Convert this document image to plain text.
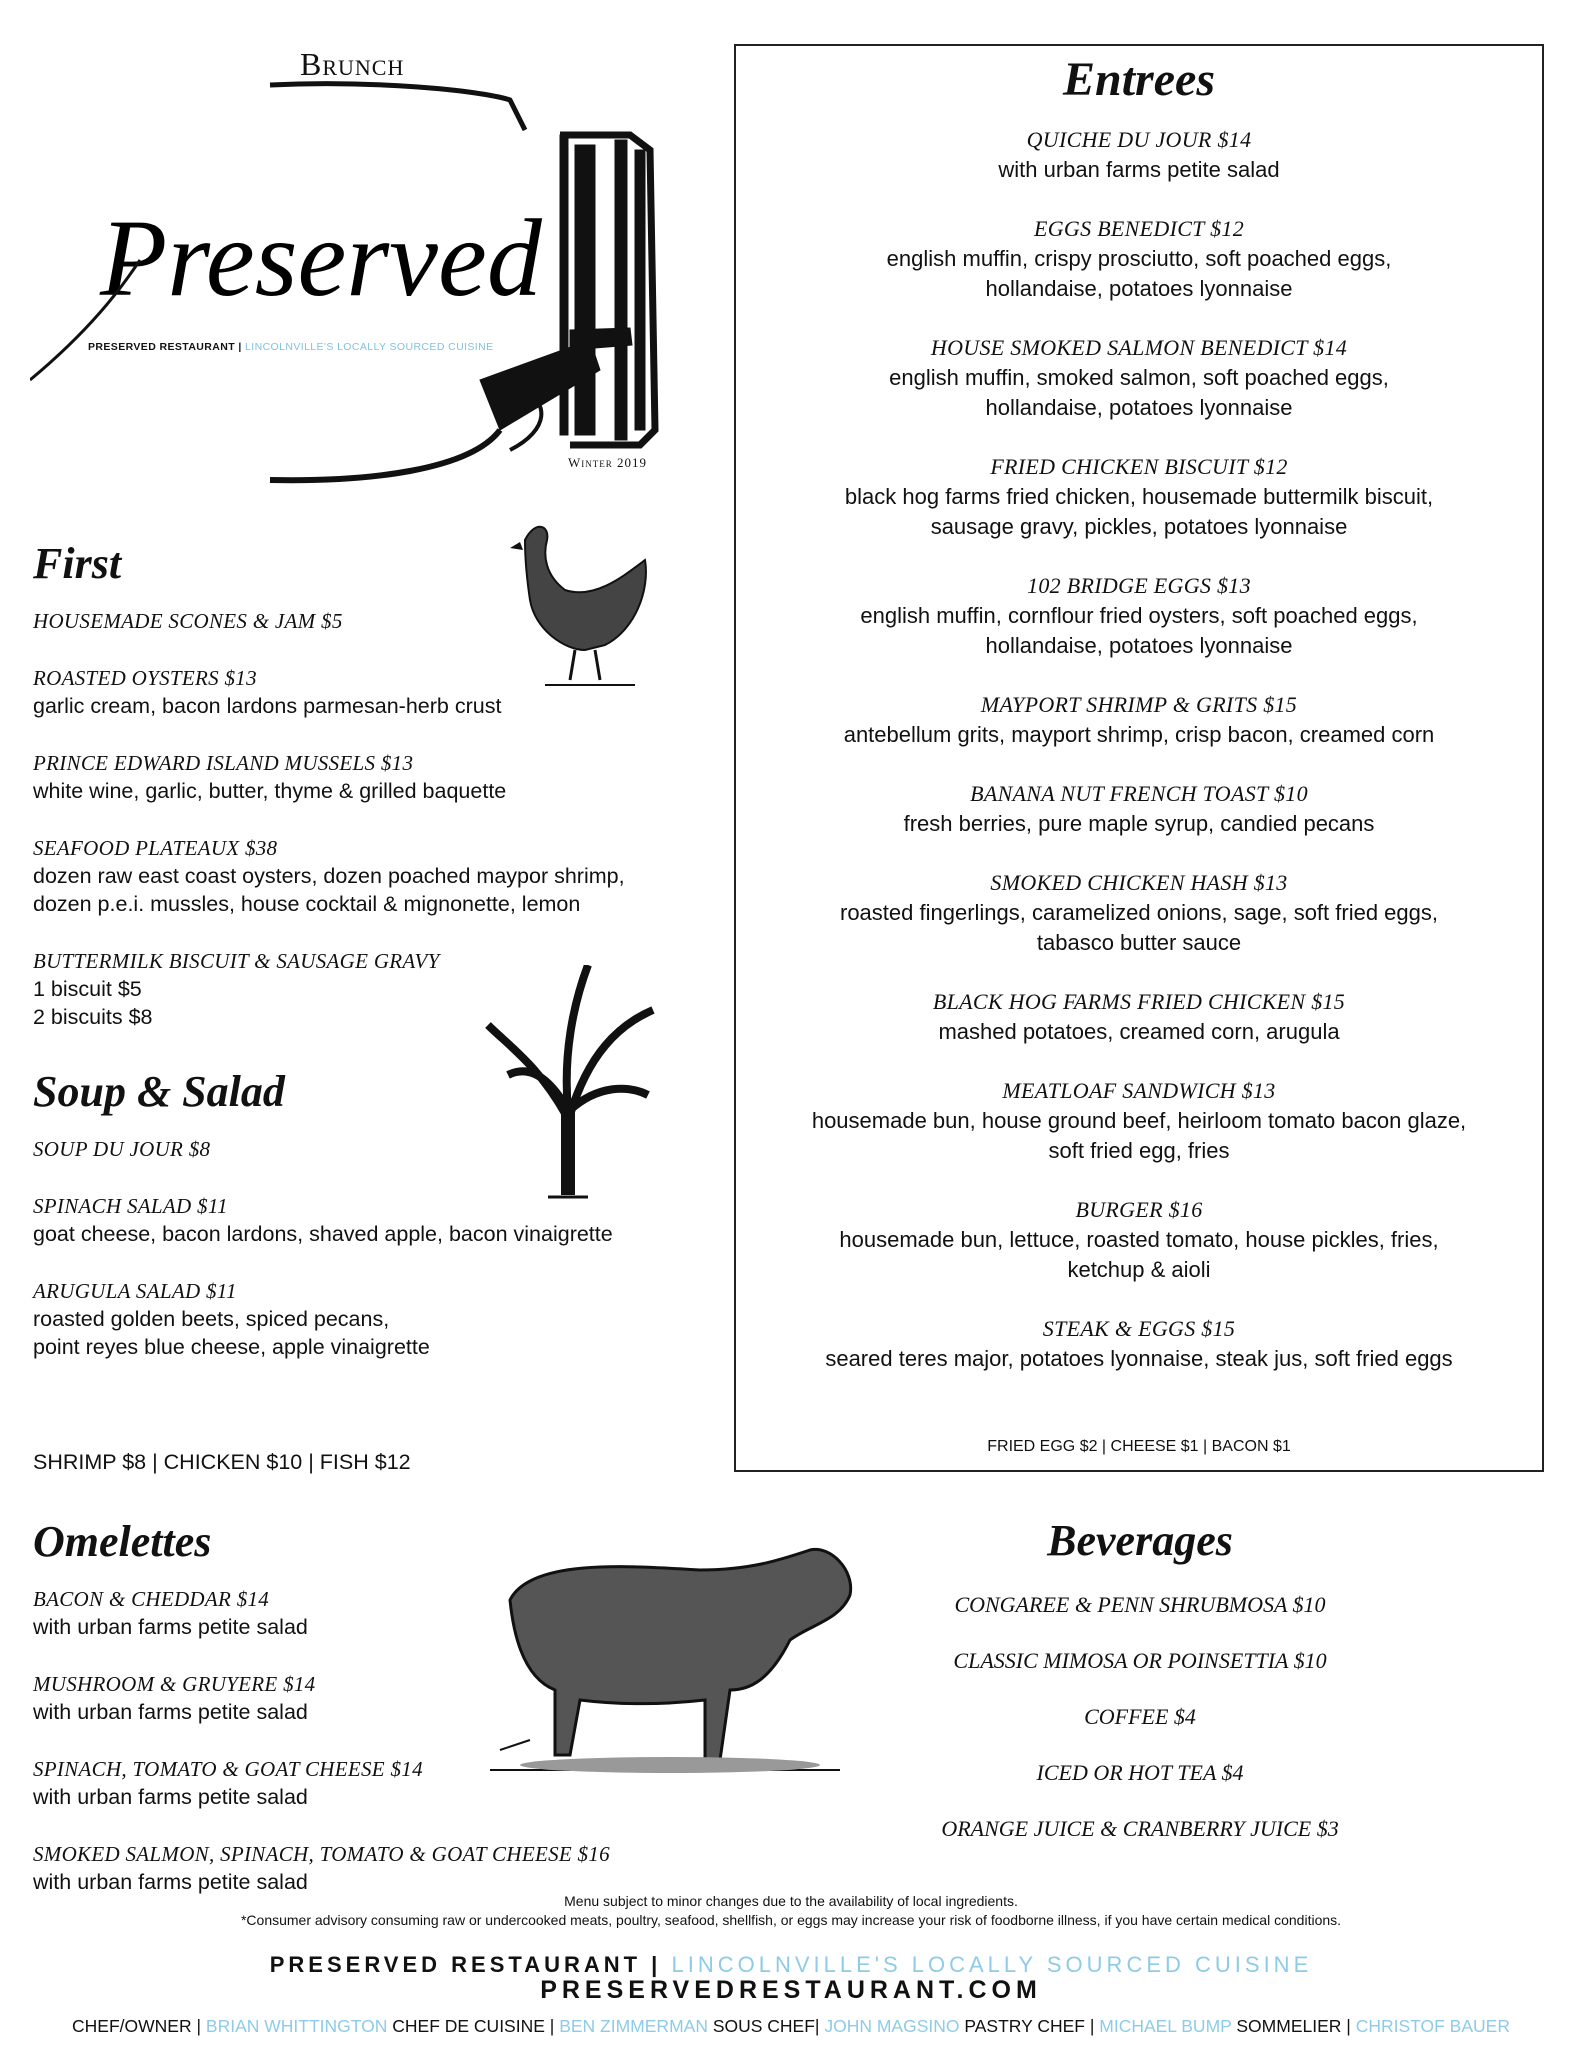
Brunch
Preserved
PRESERVED RESTAURANT | LINCOLNVILLE'S LOCALLY SOURCED CUISINE
Winter 2019
First

HOUSEMADE SCONES & JAM $5

ROASTED OYSTERS $13

garlic cream, bacon lardons parmesan-herb crust

PRINCE EDWARD ISLAND MUSSELS $13

white wine, garlic, butter, thyme & grilled baquette

SEAFOOD PLATEAUX $38

dozen raw east coast oysters, dozen poached maypor shrimp,

dozen p.e.i. mussles, house cocktail & mignonette, lemon

BUTTERMILK BISCUIT & SAUSAGE GRAVY

1 biscuit $5

2 biscuits $8

Soup & Salad

SOUP DU JOUR $8

SPINACH SALAD $11

goat cheese, bacon lardons, shaved apple, bacon vinaigrette

ARUGULA SALAD $11

roasted golden beets, spiced pecans,

point reyes blue cheese, apple vinaigrette

SHRIMP $8 | CHICKEN $10 | FISH $12
Entrees

QUICHE DU JOUR $14

with urban farms petite salad

EGGS BENEDICT $12

english muffin, crispy prosciutto, soft poached eggs,

hollandaise, potatoes lyonnaise

HOUSE SMOKED SALMON BENEDICT $14

english muffin, smoked salmon, soft poached eggs,

hollandaise, potatoes lyonnaise

FRIED CHICKEN BISCUIT $12

black hog farms fried chicken, housemade buttermilk biscuit,

sausage gravy, pickles, potatoes lyonnaise

102 BRIDGE EGGS $13

english muffin, cornflour fried oysters, soft poached eggs,

hollandaise, potatoes lyonnaise

MAYPORT SHRIMP & GRITS $15

antebellum grits, mayport shrimp, crisp bacon, creamed corn

BANANA NUT FRENCH TOAST $10

fresh berries, pure maple syrup, candied pecans

SMOKED CHICKEN HASH $13

roasted fingerlings, caramelized onions, sage, soft fried eggs,

tabasco butter sauce

BLACK HOG FARMS FRIED CHICKEN $15

mashed potatoes, creamed corn, arugula

MEATLOAF SANDWICH $13

housemade bun, house ground beef, heirloom tomato bacon glaze,

soft fried egg, fries

BURGER $16

housemade bun, lettuce, roasted tomato, house pickles, fries,

ketchup & aioli

STEAK & EGGS $15

seared teres major, potatoes lyonnaise, steak jus, soft fried eggs

FRIED EGG $2 | CHEESE $1 | BACON $1
Omelettes

BACON & CHEDDAR $14

with urban farms petite salad

MUSHROOM & GRUYERE $14

with urban farms petite salad

SPINACH, TOMATO & GOAT CHEESE $14

with urban farms petite salad

SMOKED SALMON, SPINACH, TOMATO & GOAT CHEESE $16

with urban farms petite salad

Beverages

CONGAREE & PENN SHRUBMOSA $10

CLASSIC MIMOSA OR POINSETTIA $10

COFFEE $4

ICED OR HOT TEA $4

ORANGE JUICE & CRANBERRY JUICE $3

Menu subject to minor changes due to the availability of local ingredients.
*Consumer advisory consuming raw or undercooked meats, poultry, seafood, shellfish, or eggs may increase your risk of foodborne illness, if you have certain medical conditions.
PRESERVED RESTAURANT | LINCOLNVILLE'S LOCALLY SOURCED CUISINE
PRESERVEDRESTAURANT.COM
CHEF/OWNER | BRIAN WHITTINGTON CHEF DE CUISINE | BEN ZIMMERMAN SOUS CHEF| JOHN MAGSINO PASTRY CHEF | MICHAEL BUMP SOMMELIER | CHRISTOF BAUER
